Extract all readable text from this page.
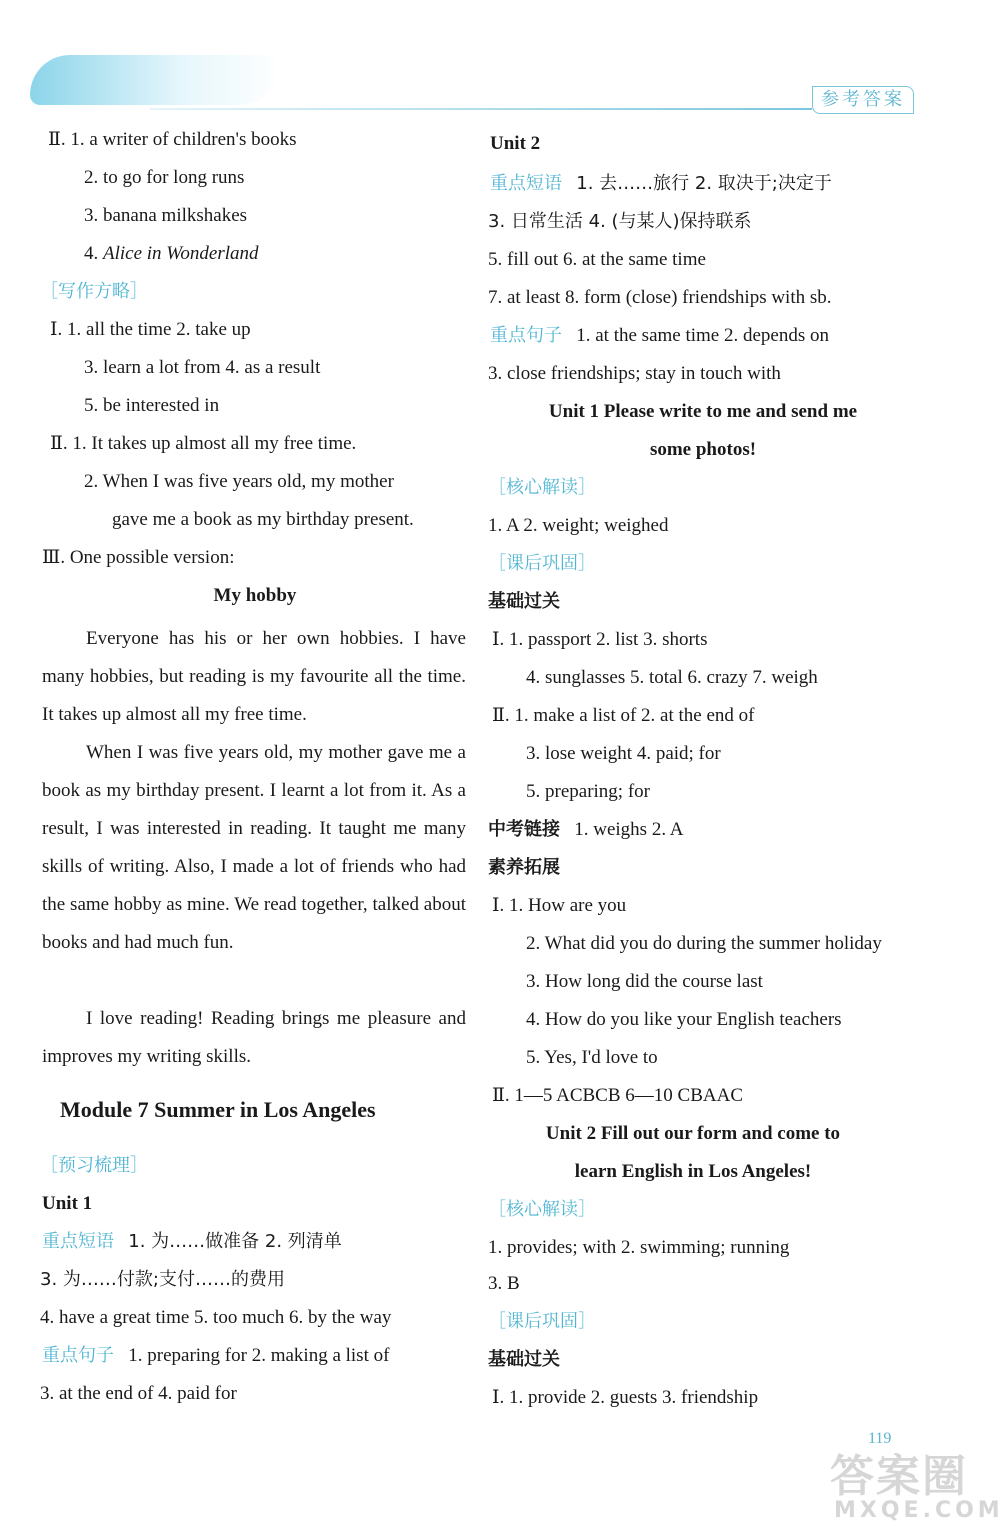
参考答案
Ⅱ. 1. a writer of children's books
2. to go for long runs
3. banana milkshakes
4. Alice in Wonderland
［写作方略］
Ⅰ. 1. all the time 2. take up
3. learn a lot from 4. as a result
5. be interested in
Ⅱ. 1. It takes up almost all my free time.
2. When I was five years old, my mother
gave me a book as my birthday present.
Ⅲ. One possible version:
My hobby
Everyone has his or her own hobbies. I have many hobbies, but reading is my favourite all the time. It takes up almost all my free time.
When I was five years old, my mother gave me a book as my birthday present. I learnt a lot from it. As a result, I was interested in reading. It taught me many skills of writing. Also, I made a lot of friends who had the same hobby as mine. We read together, talked about books and had much fun.
I love reading! Reading brings me pleasure and improves my writing skills.
Module 7 Summer in Los Angeles
［预习梳理］
Unit 1
重点短语 1. 为……做准备 2. 列清单
3. 为……付款;支付……的费用
4. have a great time 5. too much 6. by the way
重点句子 1. preparing for 2. making a list of
3. at the end of 4. paid for
Unit 2
重点短语 1. 去……旅行 2. 取决于;决定于
3. 日常生活 4. (与某人)保持联系
5. fill out 6. at the same time
7. at least 8. form (close) friendships with sb.
重点句子 1. at the same time 2. depends on
3. close friendships; stay in touch with
Unit 1 Please write to me and send me
some photos!
［核心解读］
1. A 2. weight; weighed
［课后巩固］
基础过关
Ⅰ. 1. passport 2. list 3. shorts
4. sunglasses 5. total 6. crazy 7. weigh
Ⅱ. 1. make a list of 2. at the end of
3. lose weight 4. paid; for
5. preparing; for
中考链接 1. weighs 2. A
素养拓展
Ⅰ. 1. How are you
2. What did you do during the summer holiday
3. How long did the course last
4. How do you like your English teachers
5. Yes, I'd love to
Ⅱ. 1—5 ACBCB 6—10 CBAAC
Unit 2 Fill out our form and come to
learn English in Los Angeles!
［核心解读］
1. provides; with 2. swimming; running
3. B
［课后巩固］
基础过关
Ⅰ. 1. provide 2. guests 3. friendship
119
答案圈
MXQE.COM
